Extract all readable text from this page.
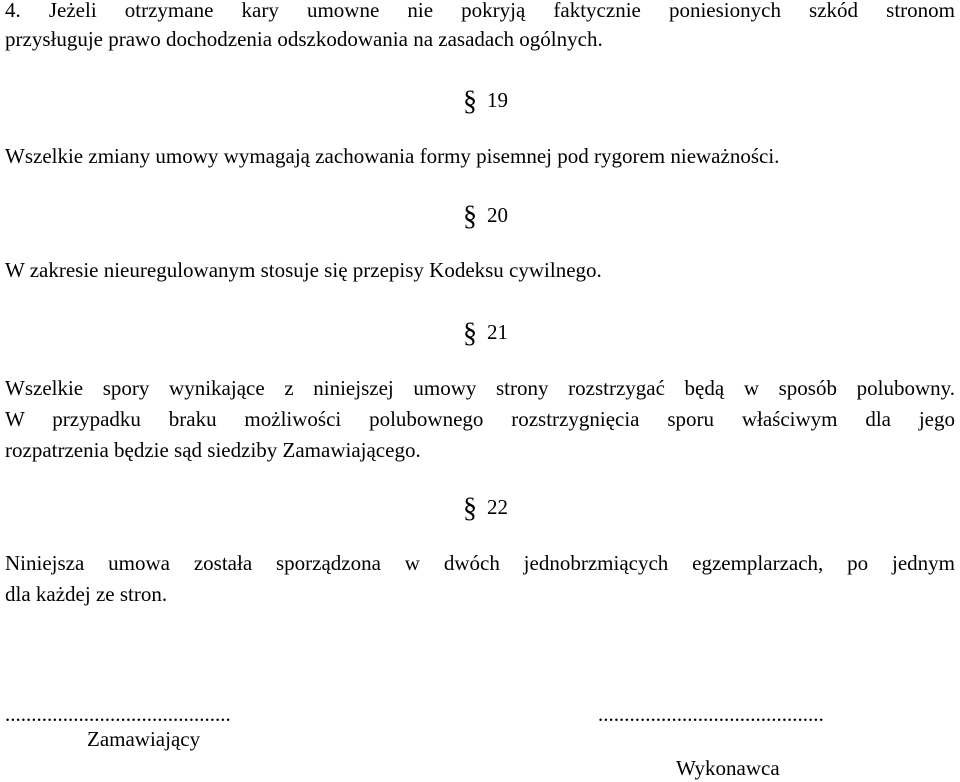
4. Jeżeli otrzymane kary umowne nie pokryją faktycznie poniesionych szkód stronom
przysługuje prawo dochodzenia odszkodowania na zasadach ogólnych.
§ 19
Wszelkie zmiany umowy wymagają zachowania formy pisemnej pod rygorem nieważności.
§ 20
W zakresie nieuregulowanym stosuje się przepisy Kodeksu cywilnego.
§ 21
Wszelkie spory wynikające z niniejszej umowy strony rozstrzygać będą w sposób polubowny.
W przypadku braku możliwości polubownego rozstrzygnięcia sporu właściwym dla jego
rozpatrzenia będzie sąd siedziby Zamawiającego.
§ 22
Niniejsza umowa została sporządzona w dwóch jednobrzmiących egzemplarzach, po jednym
dla każdej ze stron.
...........................................
Zamawiający
...........................................
Wykonawca
